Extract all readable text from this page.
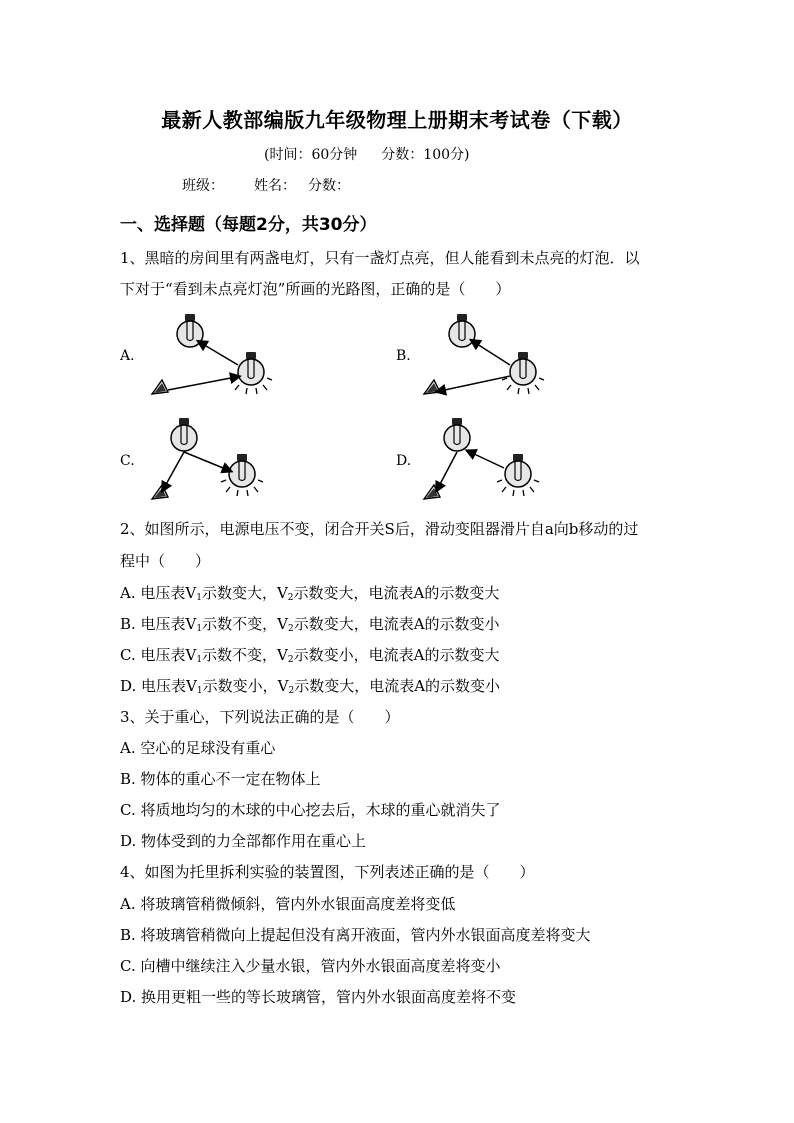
最新人教部编版九年级物理上册期末考试卷（下载）
(时间：60分钟 分数：100分)
班级： 姓名： 分数：
一、选择题（每题2分，共30分）
1、黑暗的房间里有两盏电灯，只有一盏灯点亮，但人能看到未点亮的灯泡．以
下对于“看到未点亮灯泡”所画的光路图，正确的是（　　）
A.	B.
C.	D.
2、如图所示，电源电压不变，闭合开关S后，滑动变阻器滑片自a向b移动的过
程中（　　）
A. 电压表$V_1$示数变大，$V_2$示数变大，电流表A的示数变大
B. 电压表$V_1$示数不变，$V_2$示数变大，电流表A的示数变小
C. 电压表$V_1$示数不变，$V_2$示数变小，电流表A的示数变大
D. 电压表$V_1$示数变小，$V_2$示数变大，电流表A的示数变小
3、关于重心，下列说法正确的是（　　）
A. 空心的足球没有重心
B. 物体的重心不一定在物体上
C. 将质地均匀的木球的中心挖去后，木球的重心就消失了
D. 物体受到的力全部都作用在重心上
4、如图为托里拆利实验的装置图，下列表述正确的是（　　）
A. 将玻璃管稍微倾斜，管内外水银面高度差将变低
B. 将玻璃管稍微向上提起但没有离开液面，管内外水银面高度差将变大
C. 向槽中继续注入少量水银，管内外水银面高度差将变小
D. 换用更粗一些的等长玻璃管，管内外水银面高度差将不变
